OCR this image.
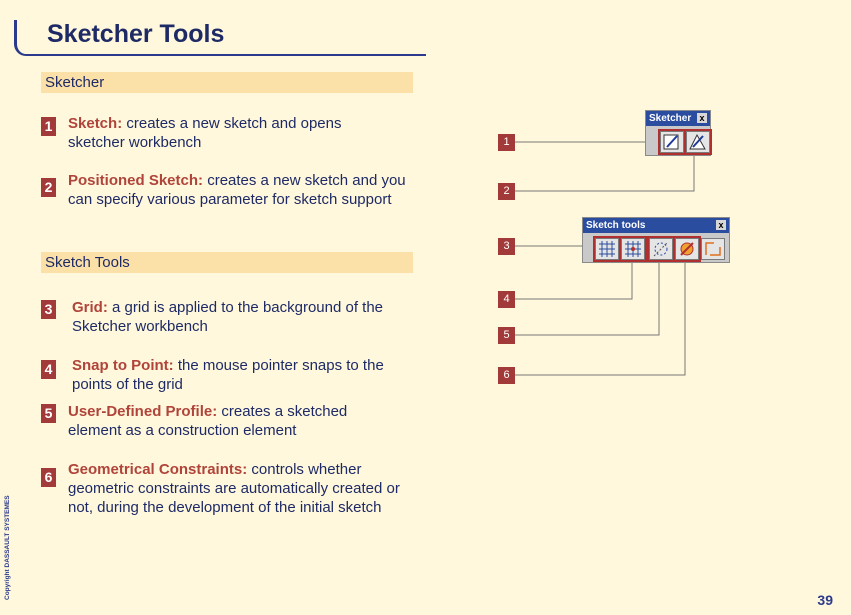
Sketcher Tools
Sketcher
Sketch Tools
1 Sketch: creates a new sketch and opens sketcher workbench
2 Positioned Sketch: creates a new sketch and you can specify various parameter for sketch support
3 Grid: a grid is applied to the background of the Sketcher workbench
4 Snap to Point: the mouse pointer snaps to the points of the grid
5 User-Defined Profile: creates a sketched element as a construction element
6 Geometrical Constraints: controls whether geometric constraints are automatically created or not, during the development of the initial sketch
1
2
3
4
5
6
Sketcher x
Sketch tools	x
Copyright DASSAULT SYSTEMES	39
